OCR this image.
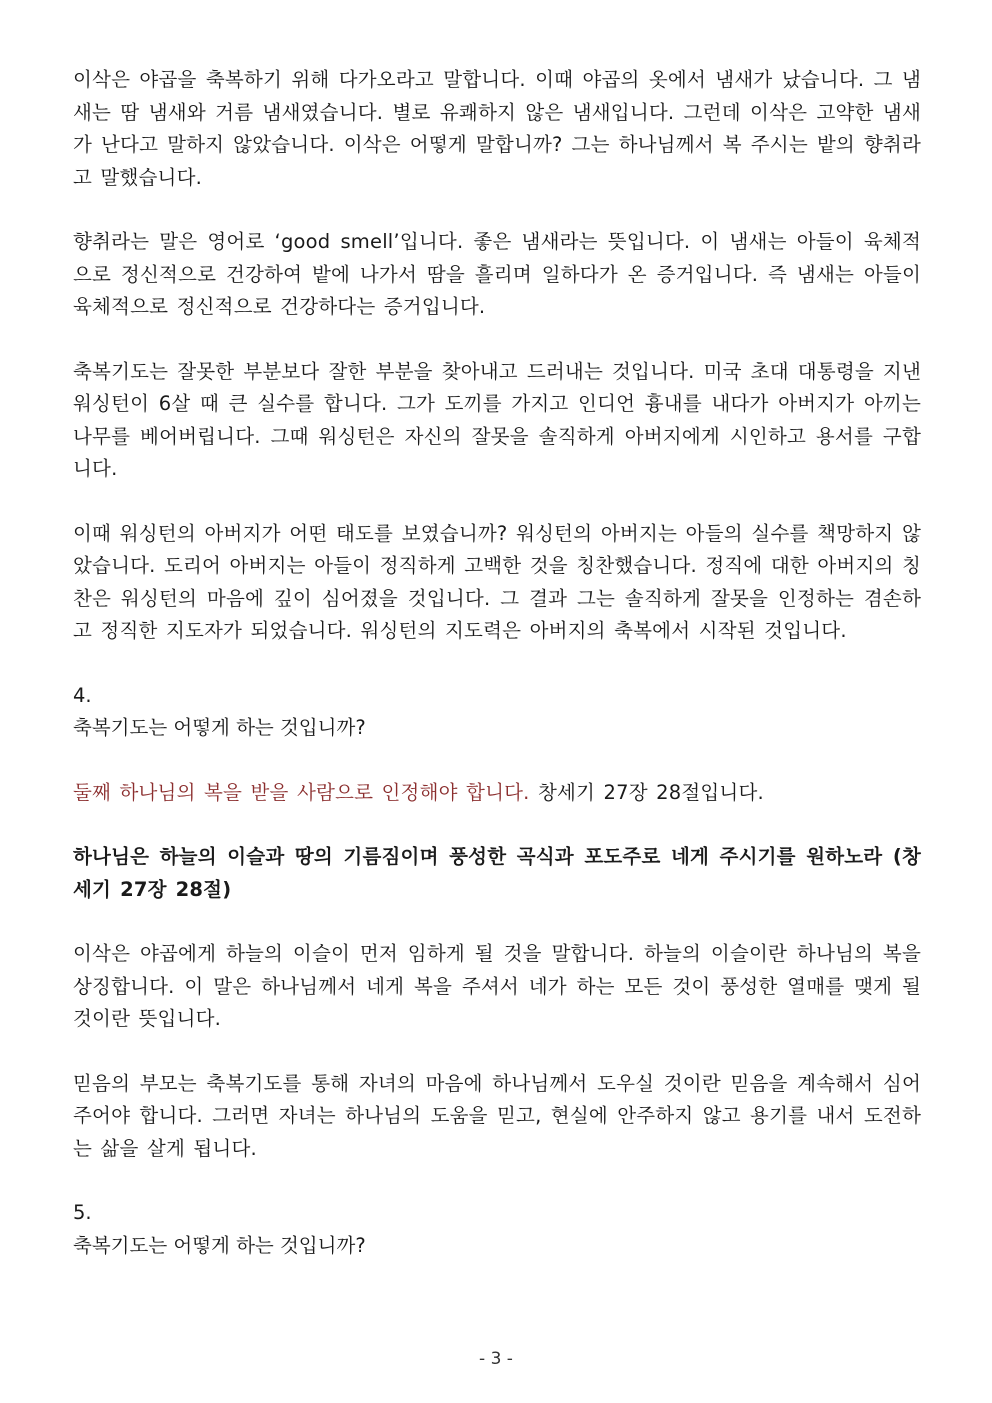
이삭은 야곱을 축복하기 위해 다가오라고 말합니다. 이때 야곱의 옷에서 냄새가 났습니다. 그 냄새는 땀 냄새와 거름 냄새였습니다. 별로 유쾌하지 않은 냄새입니다. 그런데 이삭은 고약한 냄새가 난다고 말하지 않았습니다. 이삭은 어떻게 말합니까? 그는 하나님께서 복 주시는 밭의 향취라고 말했습니다.

향취라는 말은 영어로 ‘good smell’입니다. 좋은 냄새라는 뜻입니다. 이 냄새는 아들이 육체적으로 정신적으로 건강하여 밭에 나가서 땀을 흘리며 일하다가 온 증거입니다. 즉 냄새는 아들이 육체적으로 정신적으로 건강하다는 증거입니다.

축복기도는 잘못한 부분보다 잘한 부분을 찾아내고 드러내는 것입니다. 미국 초대 대통령을 지낸 워싱턴이 6살 때 큰 실수를 합니다. 그가 도끼를 가지고 인디언 흉내를 내다가 아버지가 아끼는 나무를 베어버립니다. 그때 워싱턴은 자신의 잘못을 솔직하게 아버지에게 시인하고 용서를 구합니다.

이때 워싱턴의 아버지가 어떤 태도를 보였습니까? 워싱턴의 아버지는 아들의 실수를 책망하지 않았습니다. 도리어 아버지는 아들이 정직하게 고백한 것을 칭찬했습니다. 정직에 대한 아버지의 칭찬은 워싱턴의 마음에 깊이 심어졌을 것입니다. 그 결과 그는 솔직하게 잘못을 인정하는 겸손하고 정직한 지도자가 되었습니다. 워싱턴의 지도력은 아버지의 축복에서 시작된 것입니다.

4.

축복기도는 어떻게 하는 것입니까?

둘째 하나님의 복을 받을 사람으로 인정해야 합니다. 창세기 27장 28절입니다.

하나님은 하늘의 이슬과 땅의 기름짐이며 풍성한 곡식과 포도주로 네게 주시기를 원하노라 (창세기 27장 28절)

이삭은 야곱에게 하늘의 이슬이 먼저 임하게 될 것을 말합니다. 하늘의 이슬이란 하나님의 복을 상징합니다. 이 말은 하나님께서 네게 복을 주셔서 네가 하는 모든 것이 풍성한 열매를 맺게 될 것이란 뜻입니다.

믿음의 부모는 축복기도를 통해 자녀의 마음에 하나님께서 도우실 것이란 믿음을 계속해서 심어주어야 합니다. 그러면 자녀는 하나님의 도움을 믿고, 현실에 안주하지 않고 용기를 내서 도전하는 삶을 살게 됩니다.

5.

축복기도는 어떻게 하는 것입니까?

- 3 -
